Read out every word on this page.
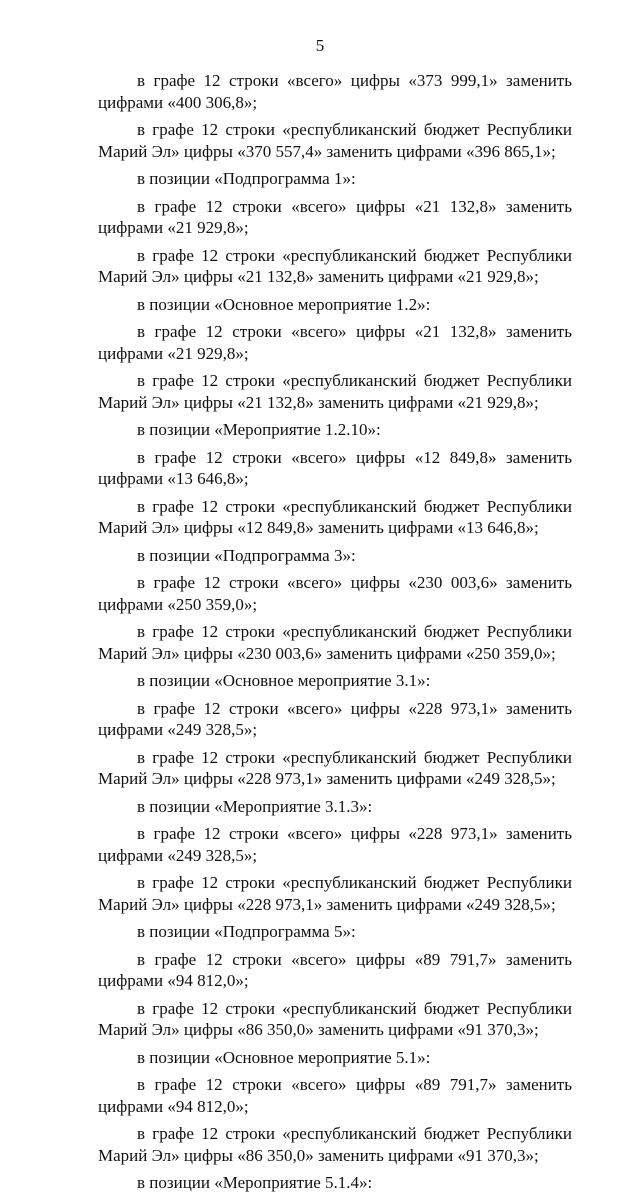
5

в графе 12 строки «всего» цифры «373 999,1» заменить цифрами «400 306,8»;

в графе 12 строки «республиканский бюджет Республики Марий Эл» цифры «370 557,4» заменить цифрами «396 865,1»;

в позиции «Подпрограмма 1»:

в графе 12 строки «всего» цифры «21 132,8» заменить цифрами «21 929,8»;

в графе 12 строки «республиканский бюджет Республики Марий Эл» цифры «21 132,8» заменить цифрами «21 929,8»;

в позиции «Основное мероприятие 1.2»:

в графе 12 строки «всего» цифры «21 132,8» заменить цифрами «21 929,8»;

в графе 12 строки «республиканский бюджет Республики Марий Эл» цифры «21 132,8» заменить цифрами «21 929,8»;

в позиции «Мероприятие 1.2.10»:

в графе 12 строки «всего» цифры «12 849,8» заменить цифрами «13 646,8»;

в графе 12 строки «республиканский бюджет Республики Марий Эл» цифры «12 849,8» заменить цифрами «13 646,8»;

в позиции «Подпрограмма 3»:

в графе 12 строки «всего» цифры «230 003,6» заменить цифрами «250 359,0»;

в графе 12 строки «республиканский бюджет Республики Марий Эл» цифры «230 003,6» заменить цифрами «250 359,0»;

в позиции «Основное мероприятие 3.1»:

в графе 12 строки «всего» цифры «228 973,1» заменить цифрами «249 328,5»;

в графе 12 строки «республиканский бюджет Республики Марий Эл» цифры «228 973,1» заменить цифрами «249 328,5»;

в позиции «Мероприятие 3.1.3»:

в графе 12 строки «всего» цифры «228 973,1» заменить цифрами «249 328,5»;

в графе 12 строки «республиканский бюджет Республики Марий Эл» цифры «228 973,1» заменить цифрами «249 328,5»;

в позиции «Подпрограмма 5»:

в графе 12 строки «всего» цифры «89 791,7» заменить цифрами «94 812,0»;

в графе 12 строки «республиканский бюджет Республики Марий Эл» цифры «86 350,0» заменить цифрами «91 370,3»;

в позиции «Основное мероприятие 5.1»:

в графе 12 строки «всего» цифры «89 791,7» заменить цифрами «94 812,0»;

в графе 12 строки «республиканский бюджет Республики Марий Эл» цифры «86 350,0» заменить цифрами «91 370,3»;

в позиции «Мероприятие 5.1.4»:
